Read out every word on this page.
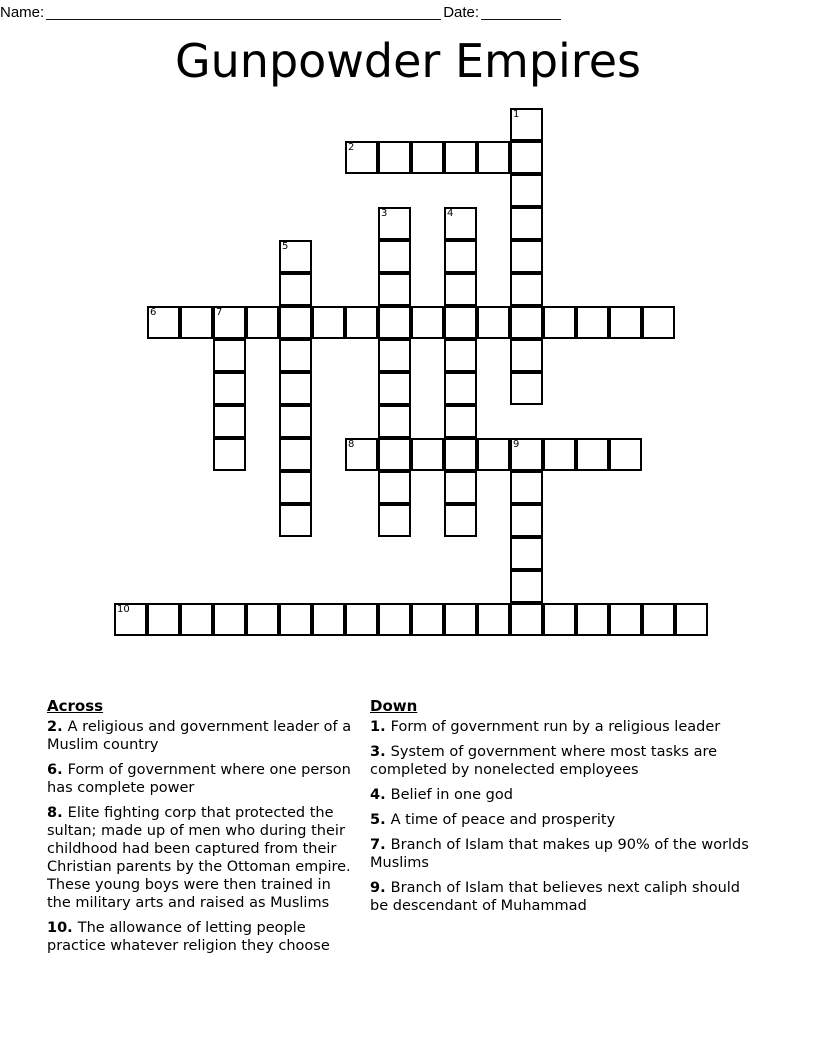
Name:	Date:
Gunpowder Empires
1
2
3	4
5
6	7
8	9
10
Across

2. A religious and government leader of a Muslim country

6. Form of government where one person has complete power

8. Elite fighting corp that protected the sultan; made up of men who during their childhood had been captured from their Christian parents by the Ottoman empire. These young boys were then trained in the military arts and raised as Muslims

10. The allowance of letting people practice whatever religion they choose

Down

1. Form of government run by a religious leader

3. System of government where most tasks are completed by nonelected employees

4. Belief in one god

5. A time of peace and prosperity

7. Branch of Islam that makes up 90% of the worlds Muslims

9. Branch of Islam that believes next caliph should be descendant of Muhammad
